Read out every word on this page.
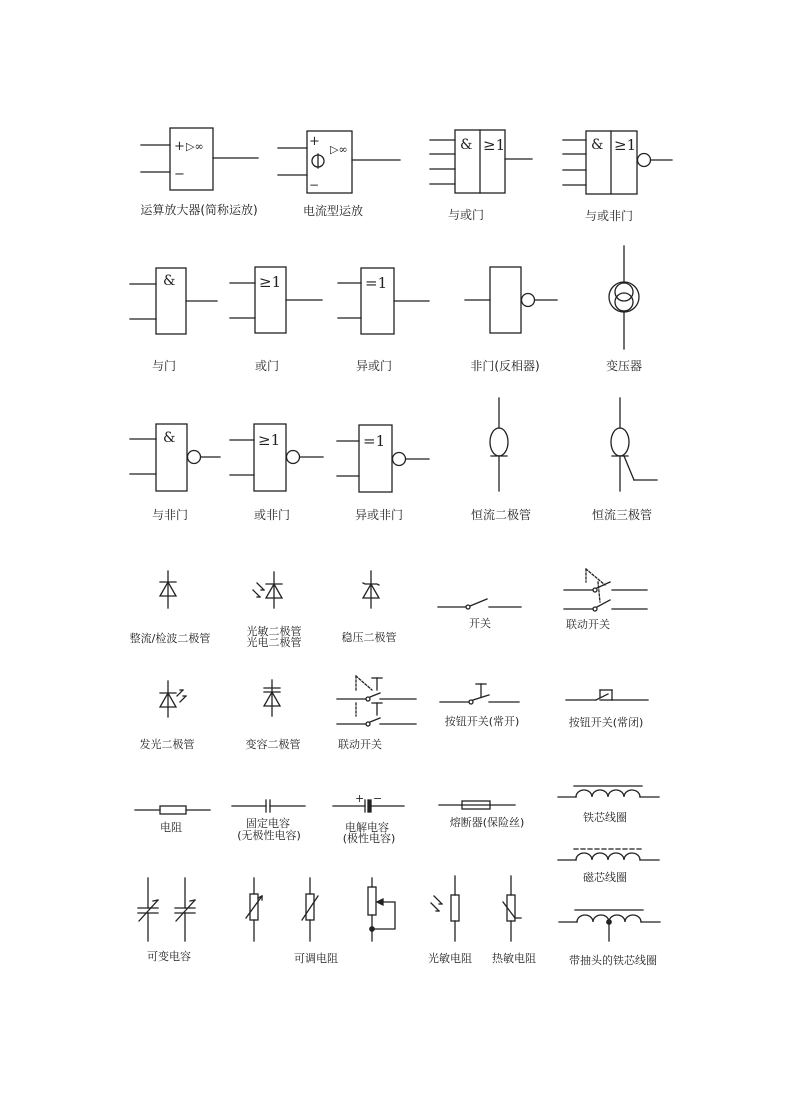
+
−
▷∞	+
−
▷∞	& ≥1	& ≥1
&	≥1	=1
&	≥1	=1
+ −
运算放大器(简称运放)	电流型运放	与或门	与或非门
与门	或门	异或门	非门(反相器)	变压器
与非门	或非门	异或非门	恒流二极管	恒流三极管
整流/检波二极管
光敏二极管
光电二极管	稳压二极管
开关	联动开关
发光二极管	变容二极管	联动开关
按钮开关(常开)	按钮开关(常闭)
电阻	固定电容
(无极性电容)
电解电容
(极性电容)
熔断器(保险丝)	铁芯线圈
磁芯线圈
可变电容	可调电阻	光敏电阻 热敏电阻	带抽头的铁芯线圈
